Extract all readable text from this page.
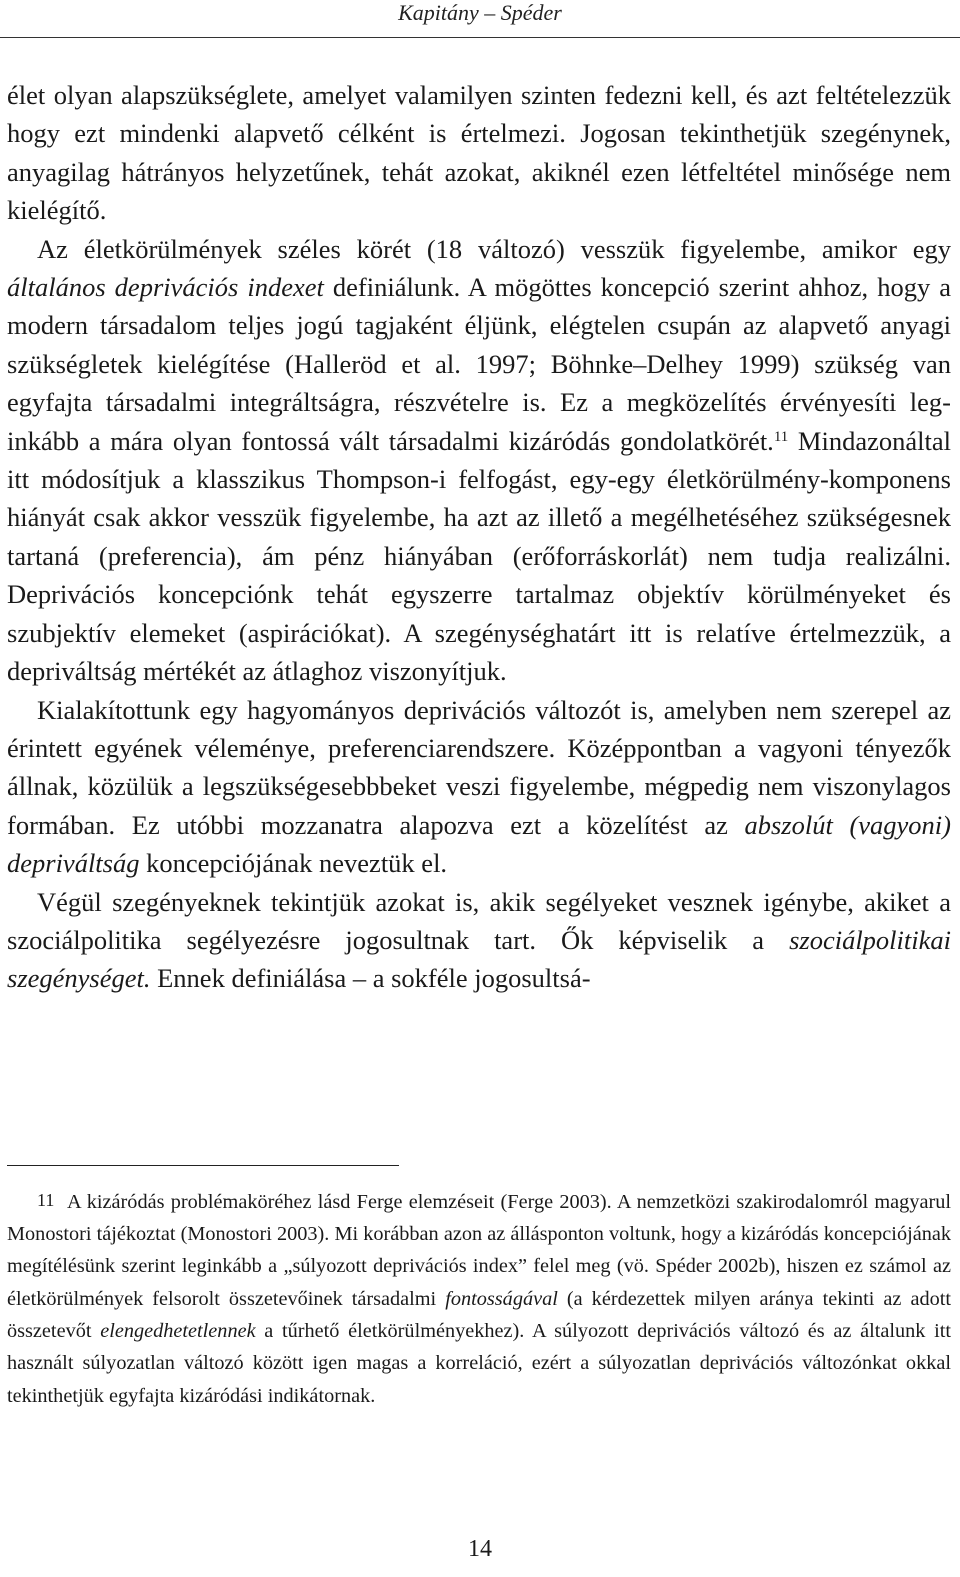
Kapitány – Spéder

élet olyan alapszükséglete, amelyet valamilyen szinten fedezni kell, és azt feltételezzük hogy ezt mindenki alapvető célként is értelmezi. Jogosan tekinthetjük szegénynek, anyagilag hátrányos helyzetűnek, tehát azokat, akiknél ezen létfeltétel minősége nem kielégítő.

Az életkörülmények széles körét (18 változó) vesszük figyelembe, amikor egy általános deprivációs indexet definiálunk. A mögöttes koncepció szerint ahhoz, hogy a modern társadalom teljes jogú tagjaként éljünk, elégtelen csupán az alapvető anyagi szükségletek kielégítése (Halleröd et al. 1997; Böhnke–Delhey 1999) szükség van egyfajta társadalmi integráltságra, részvételre is. Ez a megközelítés érvényesíti leginkább a mára olyan fontossá vált társadalmi kizáródás gondolatkörét.$^{11}$ Mindazonáltal itt módosítjuk a klasszikus Thompson-i felfogást, egy-egy életkörülmény-komponens hiányát csak akkor vesszük figyelembe, ha azt az illető a megélhetéséhez szükségesnek tartaná (preferencia), ám pénz hiányában (erőforráskorlát) nem tudja realizálni. Deprivációs koncepciónk tehát egyszerre tartalmaz objektív körülményeket és szubjektív elemeket (aspirációkat). A szegénységhatárt itt is relatíve értelmezzük, a depriváltság mértékét az átlaghoz viszonyítjuk.

Kialakítottunk egy hagyományos deprivációs változót is, amelyben nem szerepel az érintett egyének véleménye, preferenciarendszere. Középpontban a vagyoni tényezők állnak, közülük a legszükségesebbbeket veszi figyelembe, mégpedig nem viszonylagos formában. Ez utóbbi mozzanatra alapozva ezt a közelítést az abszolút (vagyoni) depriváltság koncepciójának neveztük el.

Végül szegényeknek tekintjük azokat is, akik segélyeket vesznek igénybe, akiket a szociálpolitika segélyezésre jogosultnak tart. Ők képviselik a szociálpolitikai szegénységet. Ennek definiálása – a sokféle jogosultsá-

11 A kizáródás problémaköréhez lásd Ferge elemzéseit (Ferge 2003). A nemzetközi szakirodalomról magyarul Monostori tájékoztat (Monostori 2003). Mi korábban azon az állásponton voltunk, hogy a kizáródás koncepciójának megítélésünk szerint leginkább a „súlyozott deprivációs index” felel meg (vö. Spéder 2002b), hiszen ez számol az életkörülmények felsorolt összetevőinek társadalmi fontosságával (a kérdezettek milyen aránya tekinti az adott összetevőt elengedhetetlennek a tűrhető életkörülményekhez). A súlyozott deprivációs változó és az általunk itt használt súlyozatlan változó között igen magas a korreláció, ezért a súlyozatlan deprivációs változónkat okkal tekinthetjük egyfajta kizáródási indikátornak.

14
